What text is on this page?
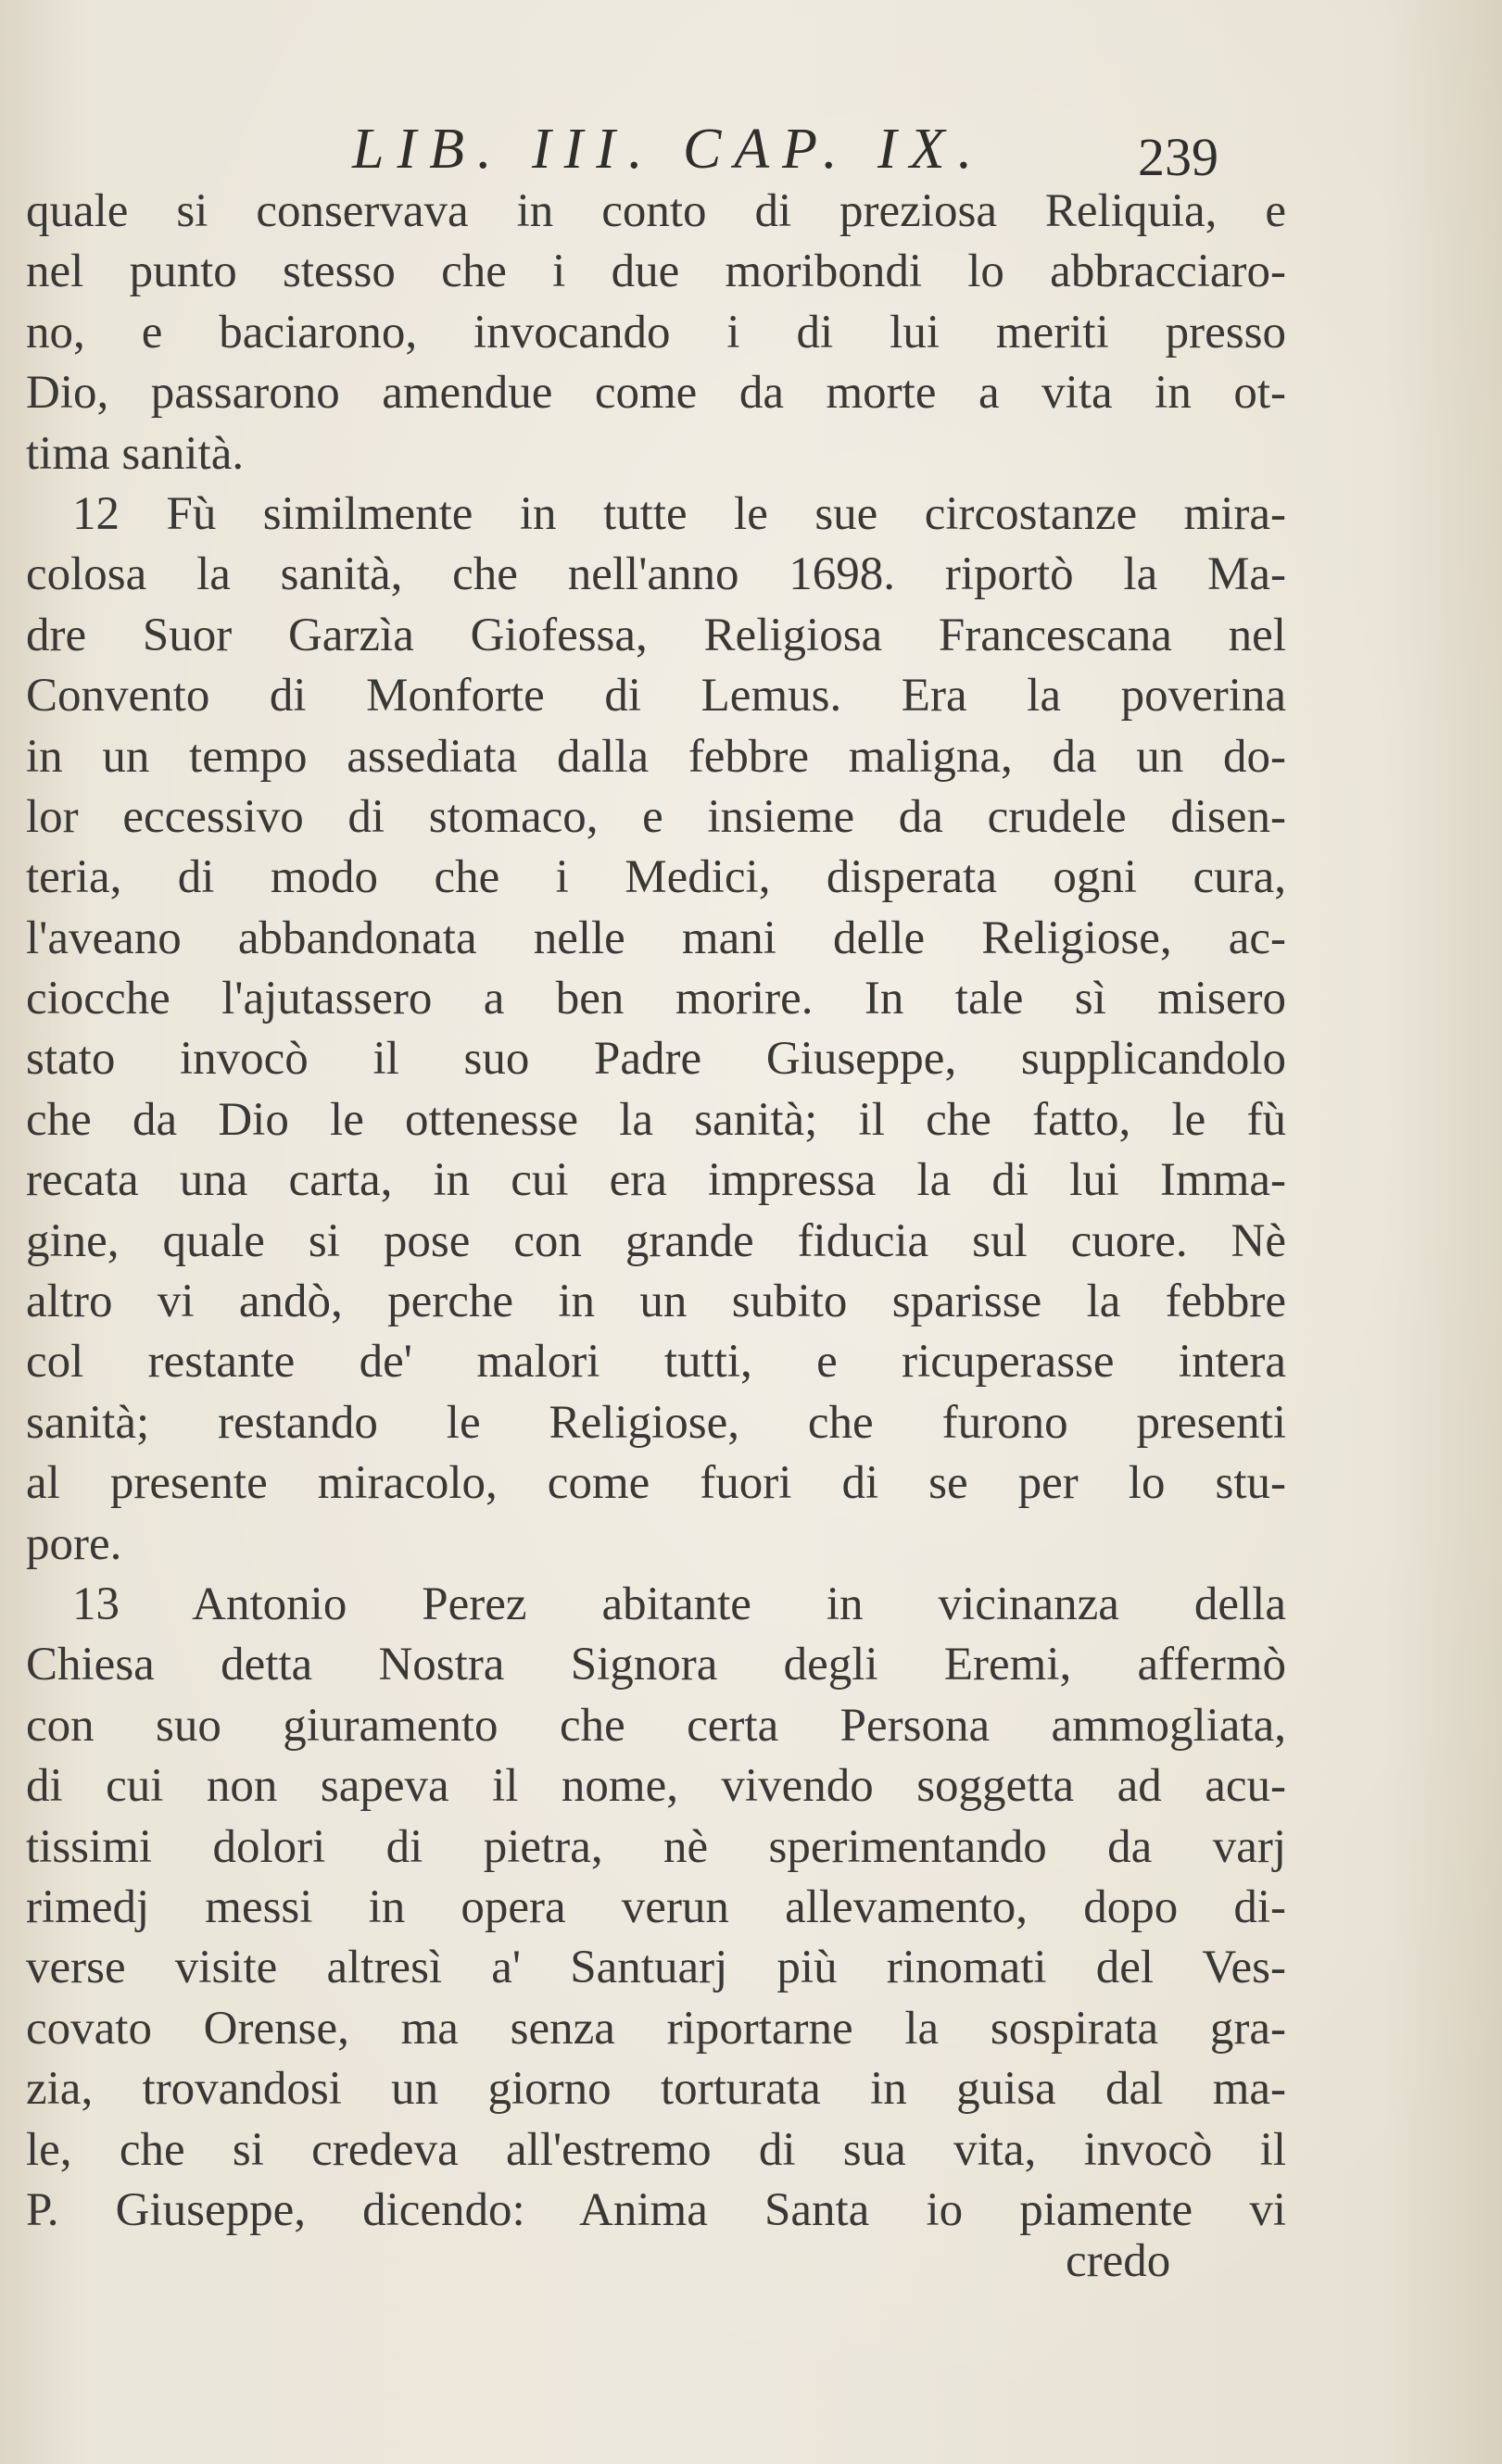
LIB. III. CAP. IX.	239
quale si conservava in conto di preziosa Reliquia, e
nel punto stesso che i due moribondi lo abbracciaro-
no, e baciarono, invocando i di lui meriti presso
Dio, passarono amendue come da morte a vita in ot-
tima sanità.
12 Fù similmente in tutte le sue circostanze mira-
colosa la sanità, che nell'anno 1698. riportò la Ma-
dre Suor Garzìa Giofessa, Religiosa Francescana nel
Convento di Monforte di Lemus. Era la poverina
in un tempo assediata dalla febbre maligna, da un do-
lor eccessivo di stomaco, e insieme da crudele disen-
teria, di modo che i Medici, disperata ogni cura,
l'aveano abbandonata nelle mani delle Religiose, ac-
ciocche l'ajutassero a ben morire. In tale sì misero
stato invocò il suo Padre Giuseppe, supplicandolo
che da Dio le ottenesse la sanità; il che fatto, le fù
recata una carta, in cui era impressa la di lui Imma-
gine, quale si pose con grande fiducia sul cuore. Nè
altro vi andò, perche in un subito sparisse la febbre
col restante de' malori tutti, e ricuperasse intera
sanità; restando le Religiose, che furono presenti
al presente miracolo, come fuori di se per lo stu-
pore.
13 Antonio Perez abitante in vicinanza della
Chiesa detta Nostra Signora degli Eremi, affermò
con suo giuramento che certa Persona ammogliata,
di cui non sapeva il nome, vivendo soggetta ad acu-
tissimi dolori di pietra, nè sperimentando da varj
rimedj messi in opera verun allevamento, dopo di-
verse visite altresì a' Santuarj più rinomati del Ves-
covato Orense, ma senza riportarne la sospirata gra-
zia, trovandosi un giorno torturata in guisa dal ma-
le, che si credeva all'estremo di sua vita, invocò il
P. Giuseppe, dicendo: Anima Santa io piamente vi
credo
